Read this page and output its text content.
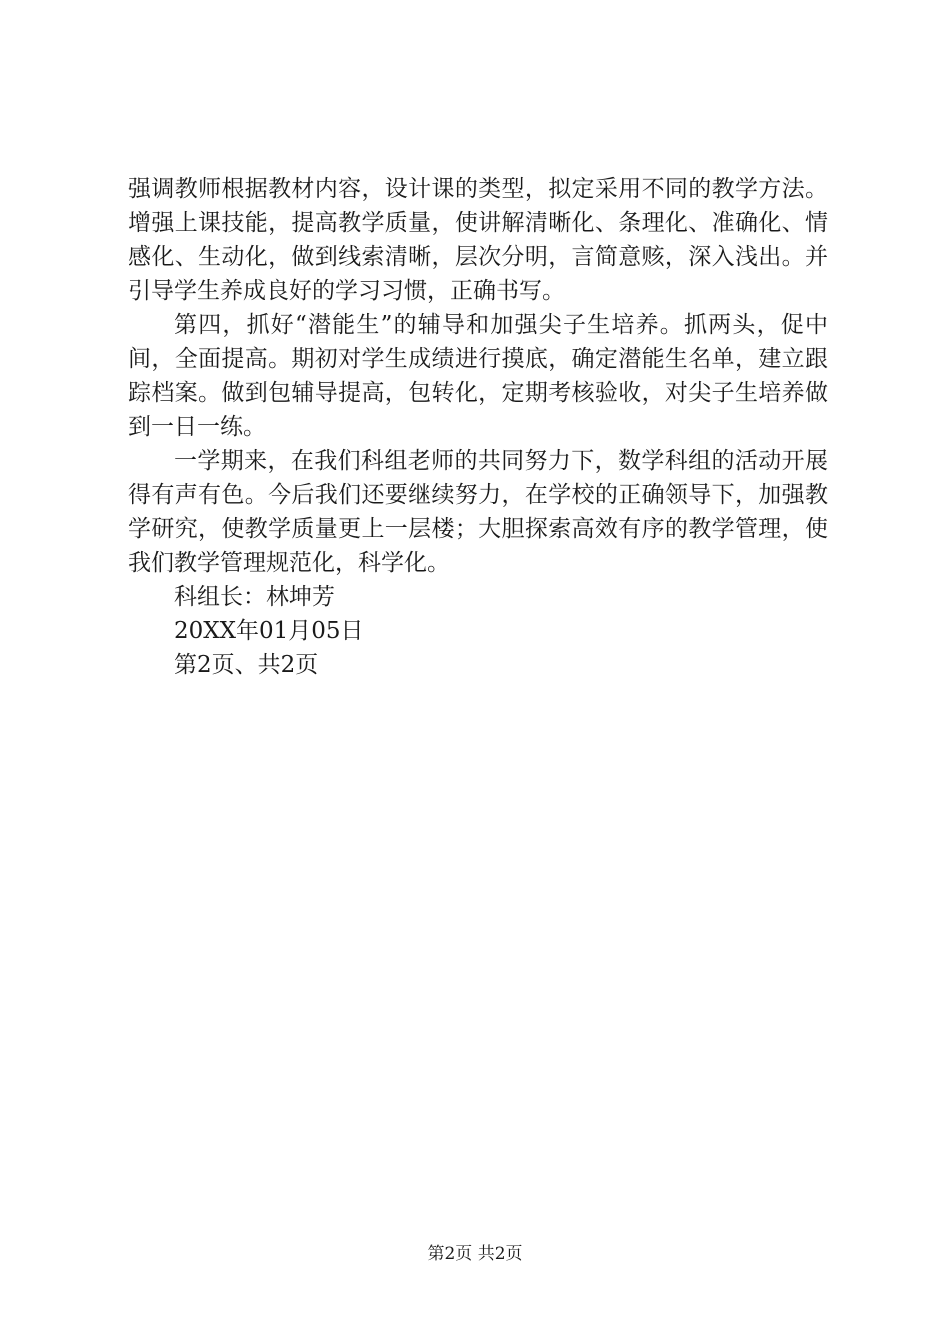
强调教师根据教材内容，设计课的类型，拟定采用不同的教学方法。增强上课技能，提高教学质量，使讲解清晰化、条理化、准确化、情感化、生动化，做到线索清晰，层次分明，言简意赅，深入浅出。并引导学生养成良好的学习习惯，正确书写。

第四，抓好“潜能生”的辅导和加强尖子生培养。抓两头，促中间，全面提高。期初对学生成绩进行摸底，确定潜能生名单，建立跟踪档案。做到包辅导提高，包转化，定期考核验收，对尖子生培养做到一日一练。

一学期来，在我们科组老师的共同努力下，数学科组的活动开展得有声有色。今后我们还要继续努力，在学校的正确领导下，加强教学研究，使教学质量更上一层楼；大胆探索高效有序的教学管理，使我们教学管理规范化，科学化。

科组长：林坤芳

20XX年01月05日

第2页、共2页

第2页 共2页
